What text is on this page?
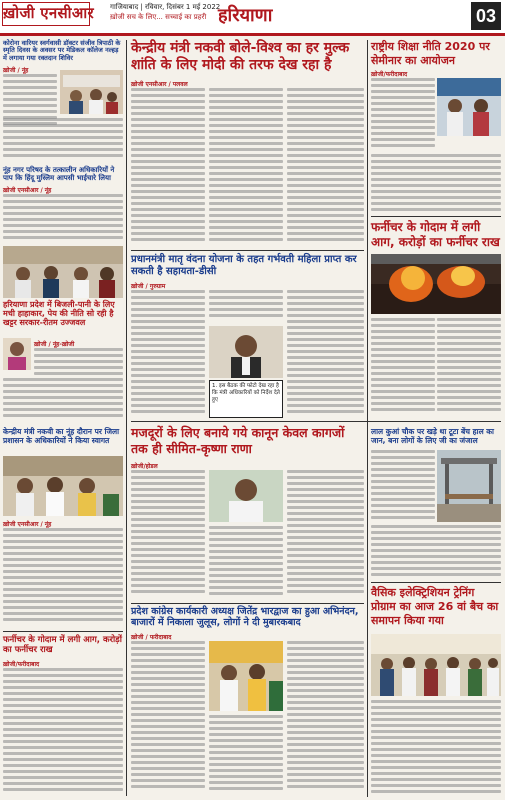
ख़ोजी एनसीआर गाजियाबाद | रविवार, दिसंबर 1 मई 2022
ख़ोजी सच के लिए... सच्चाई का प्रहरी हरियाणा	03
कोरोना वारियर स्वर्गवासी डॉक्टर संजीव त्रिपाठी के स्मृति दिवस के अवसर पर मेडिकल कॉलेज नल्हड़ में लगाया गया रक्तदान शिविर
ख़ोजी / नूंह
नूंह नगर परिषद के तत्कालीन अधिकारियों ने पाप कि हिंदू मुस्लिम आपसी भाईचारे लिया
ख़ोजी एनसीआर / नूंह
हरियाणा प्रदेश में बिजली-पानी के लिए मची हाहाकार, पेय की नीति सो रही है खट्टर सरकार-रीतम उज्जवल
ख़ोजी / नूंह-ख़ोजी
केन्द्रीय मंत्री नकवी का नूंह दौरान पर जिला प्रशासन के अधिकारियों ने किया स्वागत
ख़ोजी एनसीआर / नूंह
फर्नीचर के गोदाम में लगी आग, करोड़ों का फर्नीचर राख
ख़ोजी/फरीदाबाद
केन्द्रीय मंत्री नकवी बोले-विश्व का हर मुल्क शांति के लिए मोदी की तरफ देख रहा है
ख़ोजी एनसीआर / पलवल
प्रधानमंत्री मातृ वंदना योजना के तहत गर्भवती महिला प्राप्त कर सकती है सहायता-डीसी
ख़ोजी / गुरुग्राम
1. इस बैठक की फोटो देख रहा है कि मंत्री अधिकारियों को निर्देश देते हुए
मजदूरों के लिए बनाये गये कानून केवल कागजों तक ही सीमित-कृष्णा राणा
ख़ोजी/होडल
प्रदेश कांग्रेस कार्यकारी अध्यक्ष जितेंद्र भारद्वाज का हुआ अभिनंदन, बाजारों में निकाला जुलूस, लोगों ने दी मुबारकबाद
ख़ोजी / फरीदाबाद
राष्ट्रीय शिक्षा नीति 2020 पर सेमीनार का आयोजन
ख़ोजी/फरीदाबाद
फर्नीचर के गोदाम में लगी आग, करोड़ों का फर्नीचर राख
लाल कुआं चौक पर खड़े था टूटा बेंच हाल का जान, बना लोगों के लिए जी का जंजाल
वैसिक इलेक्ट्रिशियन ट्रेनिंग प्रोग्राम का आज 26 वां बैच का समापन किया गया
